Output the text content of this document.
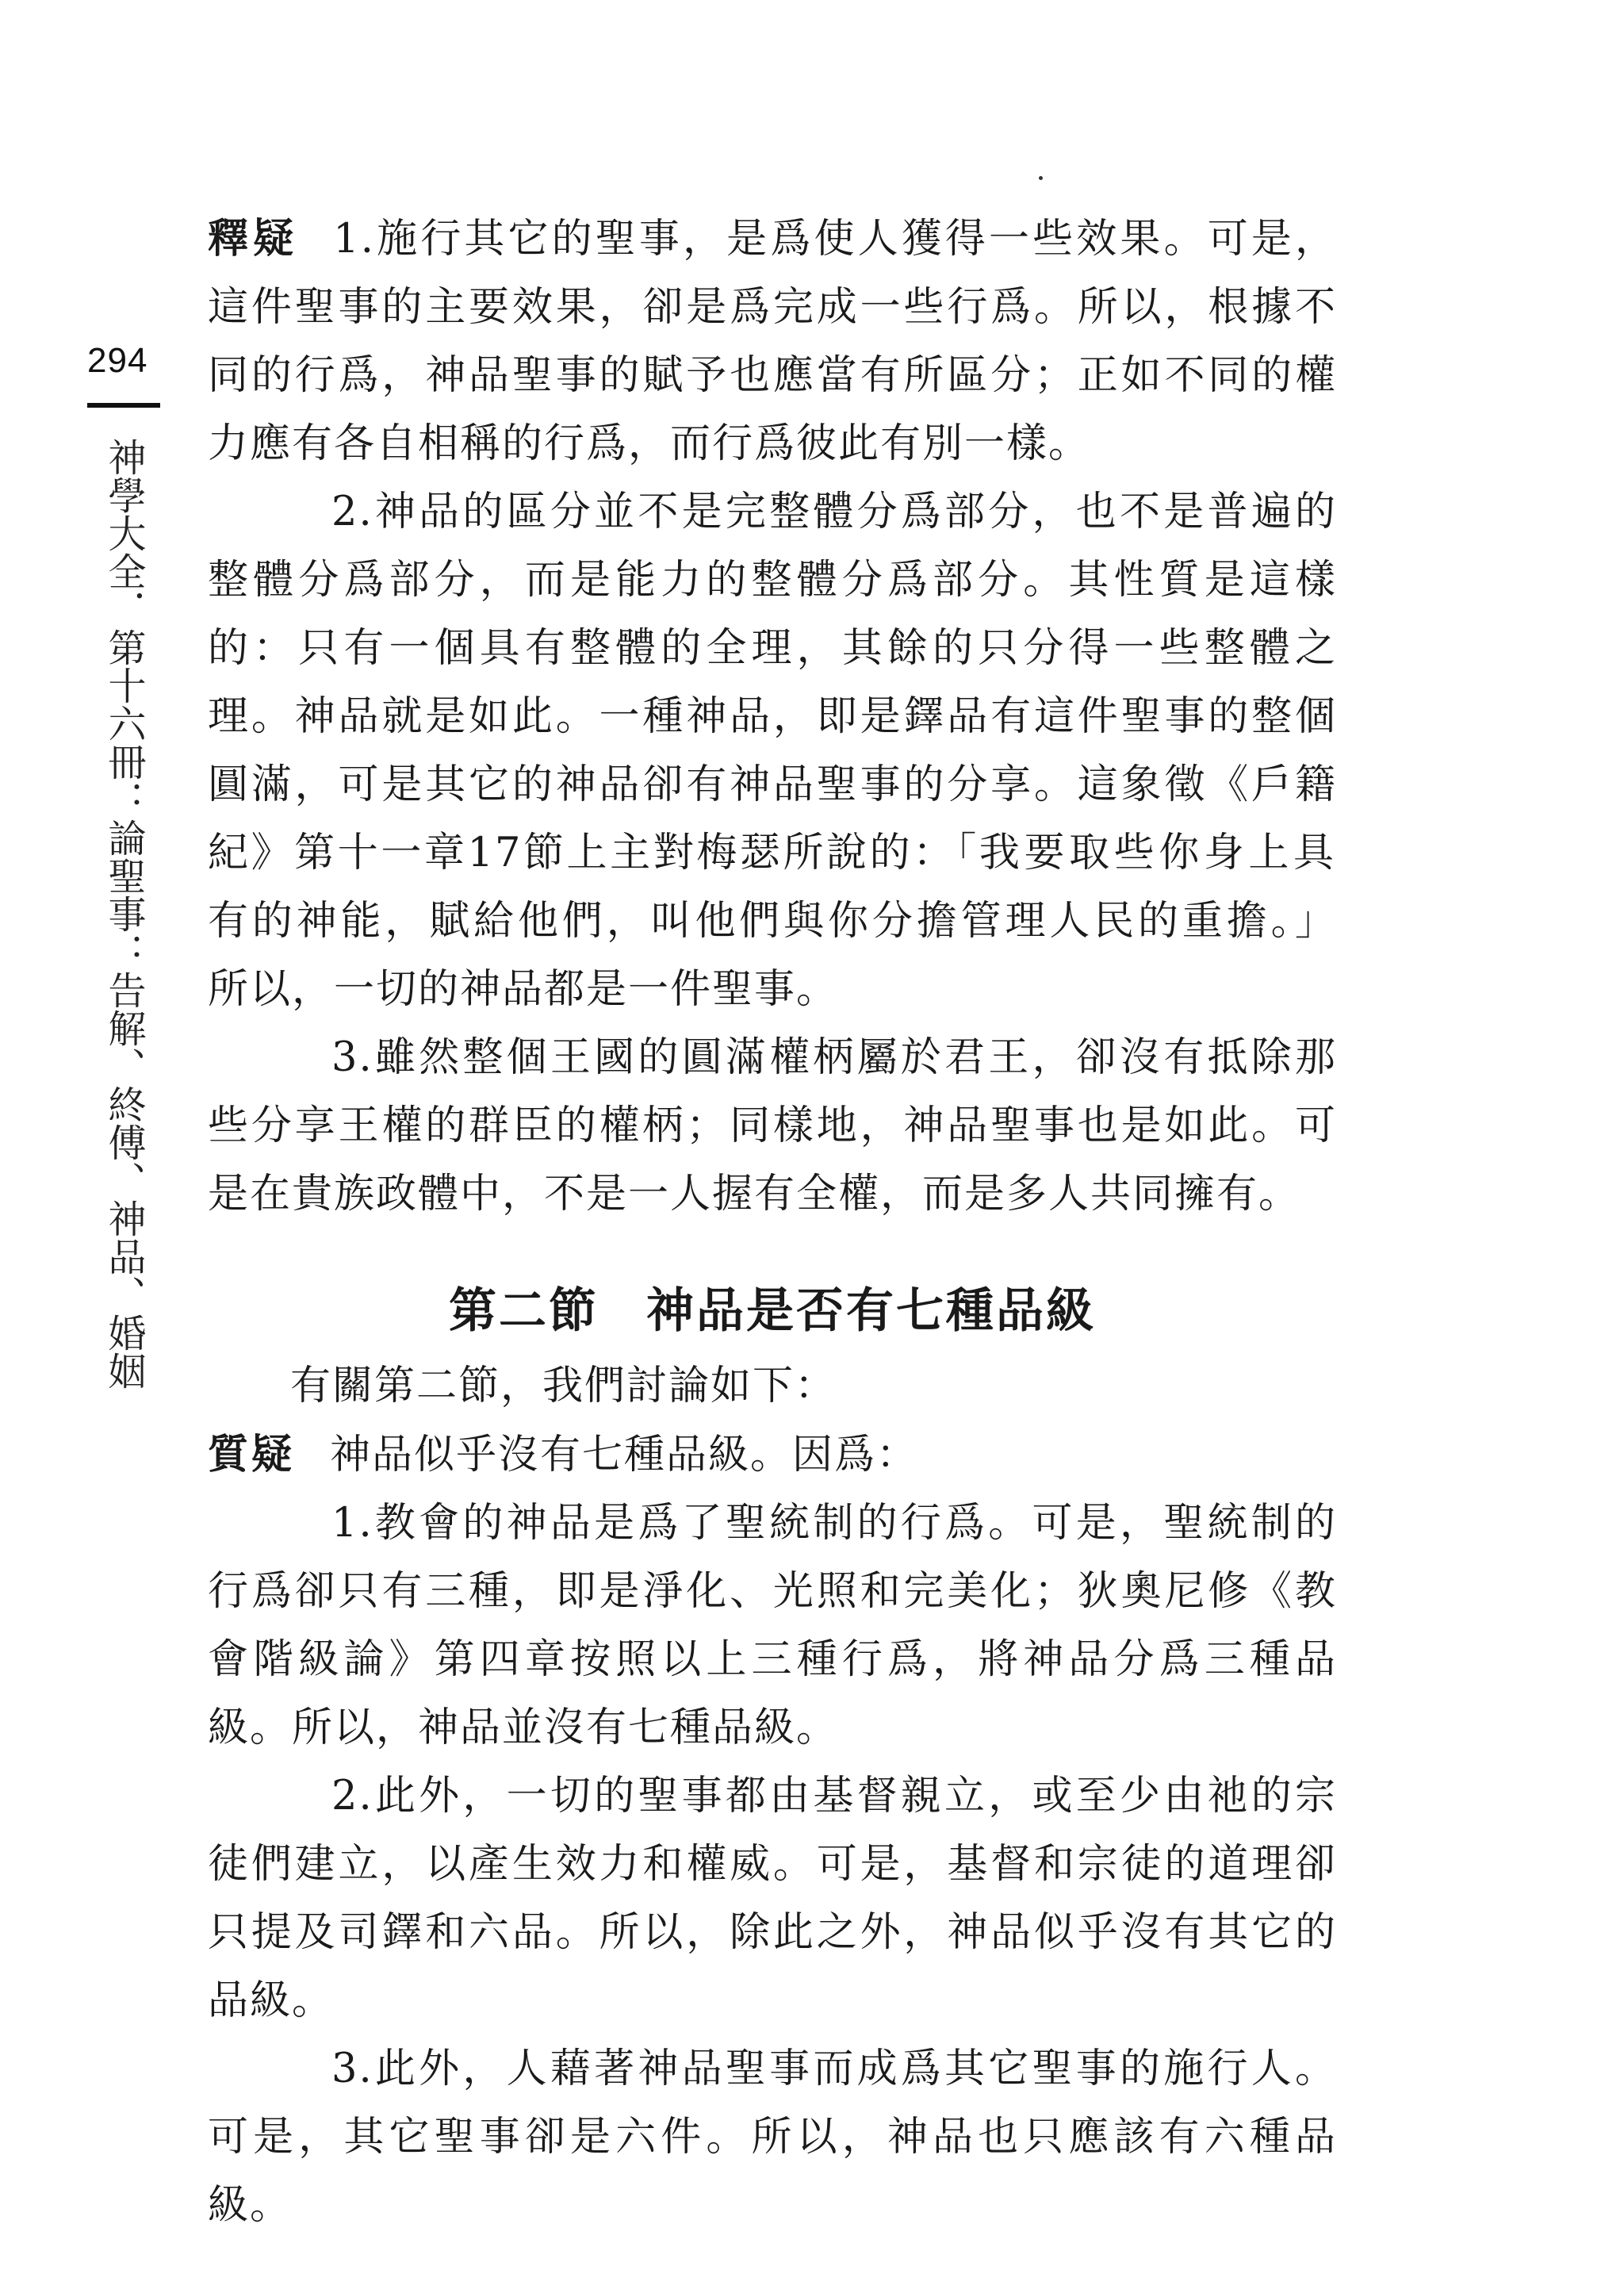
294
神學大全．第十六冊：論聖事：告解、終傅、神品、婚姻

釋疑 1.施行其它的聖事，是爲使人獲得一些效果。可是，這件聖事的主要效果，卻是爲完成一些行爲。所以，根據不同的行爲，神品聖事的賦予也應當有所區分；正如不同的權力應有各自相稱的行爲，而行爲彼此有別一樣。

2.神品的區分並不是完整體分爲部分，也不是普遍的整體分爲部分，而是能力的整體分爲部分。其性質是這樣的：只有一個具有整體的全理，其餘的只分得一些整體之理。神品就是如此。一種神品，即是鐸品有這件聖事的整個圓滿，可是其它的神品卻有神品聖事的分享。這象徵《戶籍紀》第十一章17節上主對梅瑟所說的：「我要取些你身上具有的神能，賦給他們，叫他們與你分擔管理人民的重擔。」所以，一切的神品都是一件聖事。

3.雖然整個王國的圓滿權柄屬於君王，卻沒有抵除那些分享王權的群臣的權柄；同樣地，神品聖事也是如此。可是在貴族政體中，不是一人握有全權，而是多人共同擁有。

第二節 神品是否有七種品級

有關第二節，我們討論如下：

質疑 神品似乎沒有七種品級。因爲：

1.教會的神品是爲了聖統制的行爲。可是，聖統制的行爲卻只有三種，即是淨化、光照和完美化；狄奧尼修《教會階級論》第四章按照以上三種行爲，將神品分爲三種品級。所以，神品並沒有七種品級。

2.此外，一切的聖事都由基督親立，或至少由祂的宗徒們建立，以產生效力和權威。可是，基督和宗徒的道理卻只提及司鐸和六品。所以，除此之外，神品似乎沒有其它的品級。

3.此外，人藉著神品聖事而成爲其它聖事的施行人。可是，其它聖事卻是六件。所以，神品也只應該有六種品級。
